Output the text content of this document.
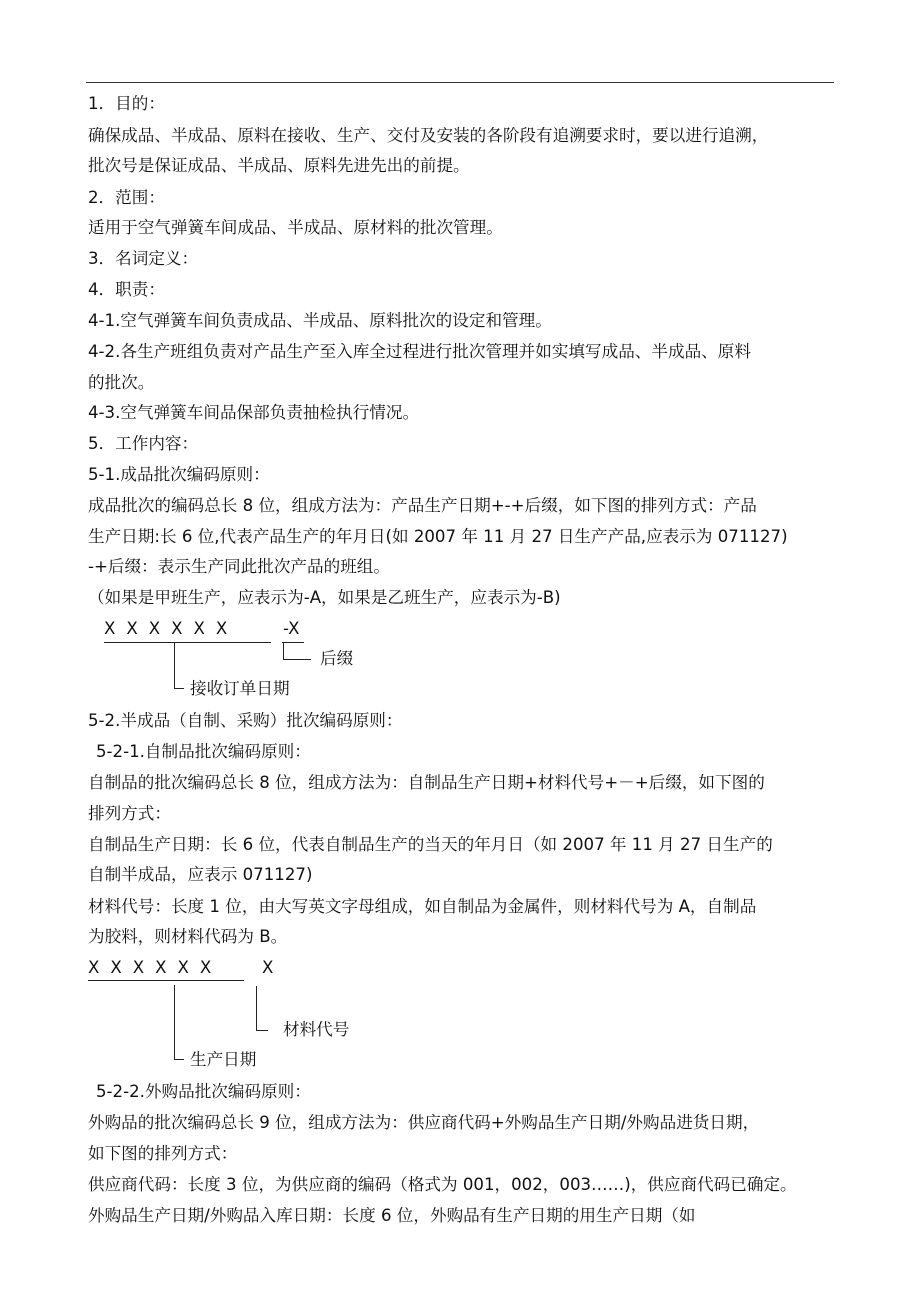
1．目的：
确保成品、半成品、原料在接收、生产、交付及安装的各阶段有追溯要求时，要以进行追溯，
批次号是保证成品、半成品、原料先进先出的前提。
2．范围：
适用于空气弹簧车间成品、半成品、原材料的批次管理。
3．名词定义：
4．职责：
4-1.空气弹簧车间负责成品、半成品、原料批次的设定和管理。
4-2.各生产班组负责对产品生产至入库全过程进行批次管理并如实填写成品、半成品、原料
的批次。
4-3.空气弹簧车间品保部负责抽检执行情况。
5．工作内容：
5-1.成品批次编码原则：
成品批次的编码总长 8 位，组成方法为：产品生产日期+-+后缀，如下图的排列方式：产品
生产日期:长 6 位,代表产品生产的年月日(如 2007 年 11 月 27 日生产产品,应表示为 071127)
-+后缀：表示生产同此批次产品的班组。
（如果是甲班生产，应表示为-A，如果是乙班生产，应表示为-B)
XXXXXX	-X
后缀
接收订单日期
5-2.半成品（自制、采购）批次编码原则：
5-2-1.自制品批次编码原则：
自制品的批次编码总长 8 位，组成方法为：自制品生产日期+材料代号+－+后缀，如下图的
排列方式：
自制品生产日期：长 6 位，代表自制品生产的当天的年月日（如 2007 年 11 月 27 日生产的
自制半成品，应表示 071127)
材料代号：长度 1 位，由大写英文字母组成，如自制品为金属件，则材料代号为 A，自制品
为胶料，则材料代码为 B。
XXXXXX X
材料代号
生产日期
5-2-2.外购品批次编码原则：
外购品的批次编码总长 9 位，组成方法为：供应商代码+外购品生产日期/外购品进货日期，
如下图的排列方式：
供应商代码：长度 3 位，为供应商的编码（格式为 001，002，003……)，供应商代码已确定。
外购品生产日期/外购品入库日期：长度 6 位，外购品有生产日期的用生产日期（如
